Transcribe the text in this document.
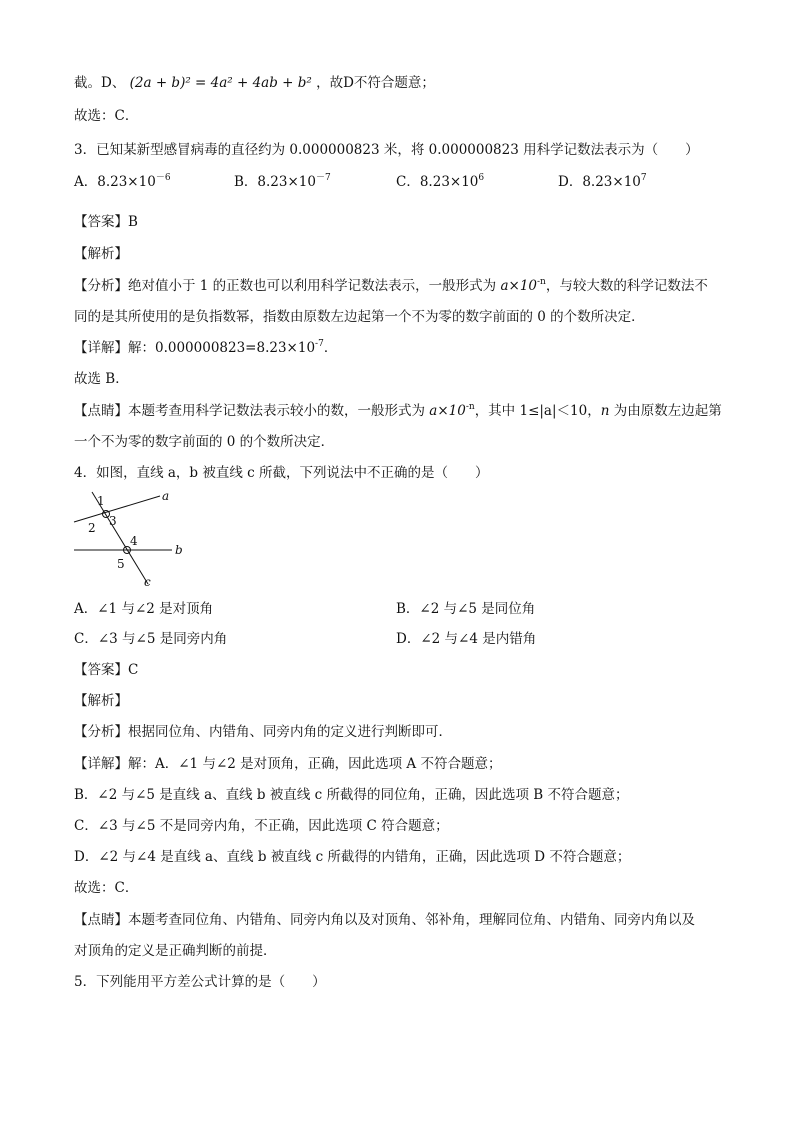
截。D、 (2a + b)² = 4a² + 4ab + b² ，故D不符合题意；
故选：C．
3．已知某新型感冒病毒的直径约为 0.000000823 米，将 0.000000823 用科学记数法表示为（　　）
A．$8.23\times 10^{-6}$	B．$8.23\times 10^{-7}$	C．$8.23\times 10^6$	D．$8.23\times 10^7$
【答案】B
【解析】
【分析】绝对值小于 1 的正数也可以利用科学记数法表示，一般形式为 $a\times 10^{-n}$，与较大数的科学记数法不
同的是其所使用的是负指数幂，指数由原数左边起第一个不为零的数字前面的 0 的个数所决定．
【详解】解：$0.000000823=8.23\times 10^{-7}$．
故选 B．
【点睛】本题考查用科学记数法表示较小的数，一般形式为 $a\times 10^{-n}$，其中 1≤|a|＜10，n 为由原数左边起第
一个不为零的数字前面的 0 的个数所决定．
4．如图，直线 a，b 被直线 c 所截，下列说法中不正确的是（　　）
1
2 3
4
5
a
b
c
A．∠1 与∠2 是对顶角	B．∠2 与∠5 是同位角
C．∠3 与∠5 是同旁内角	D．∠2 与∠4 是内错角
【答案】C
【解析】
【分析】根据同位角、内错角、同旁内角的定义进行判断即可．
【详解】解：A．∠1 与∠2 是对顶角，正确，因此选项 A 不符合题意；
B．∠2 与∠5 是直线 a、直线 b 被直线 c 所截得的同位角，正确，因此选项 B 不符合题意；
C．∠3 与∠5 不是同旁内角，不正确，因此选项 C 符合题意；
D．∠2 与∠4 是直线 a、直线 b 被直线 c 所截得的内错角，正确，因此选项 D 不符合题意；
故选：C．
【点睛】本题考查同位角、内错角、同旁内角以及对顶角、邻补角，理解同位角、内错角、同旁内角以及
对顶角的定义是正确判断的前提．
5．下列能用平方差公式计算的是（　　）
